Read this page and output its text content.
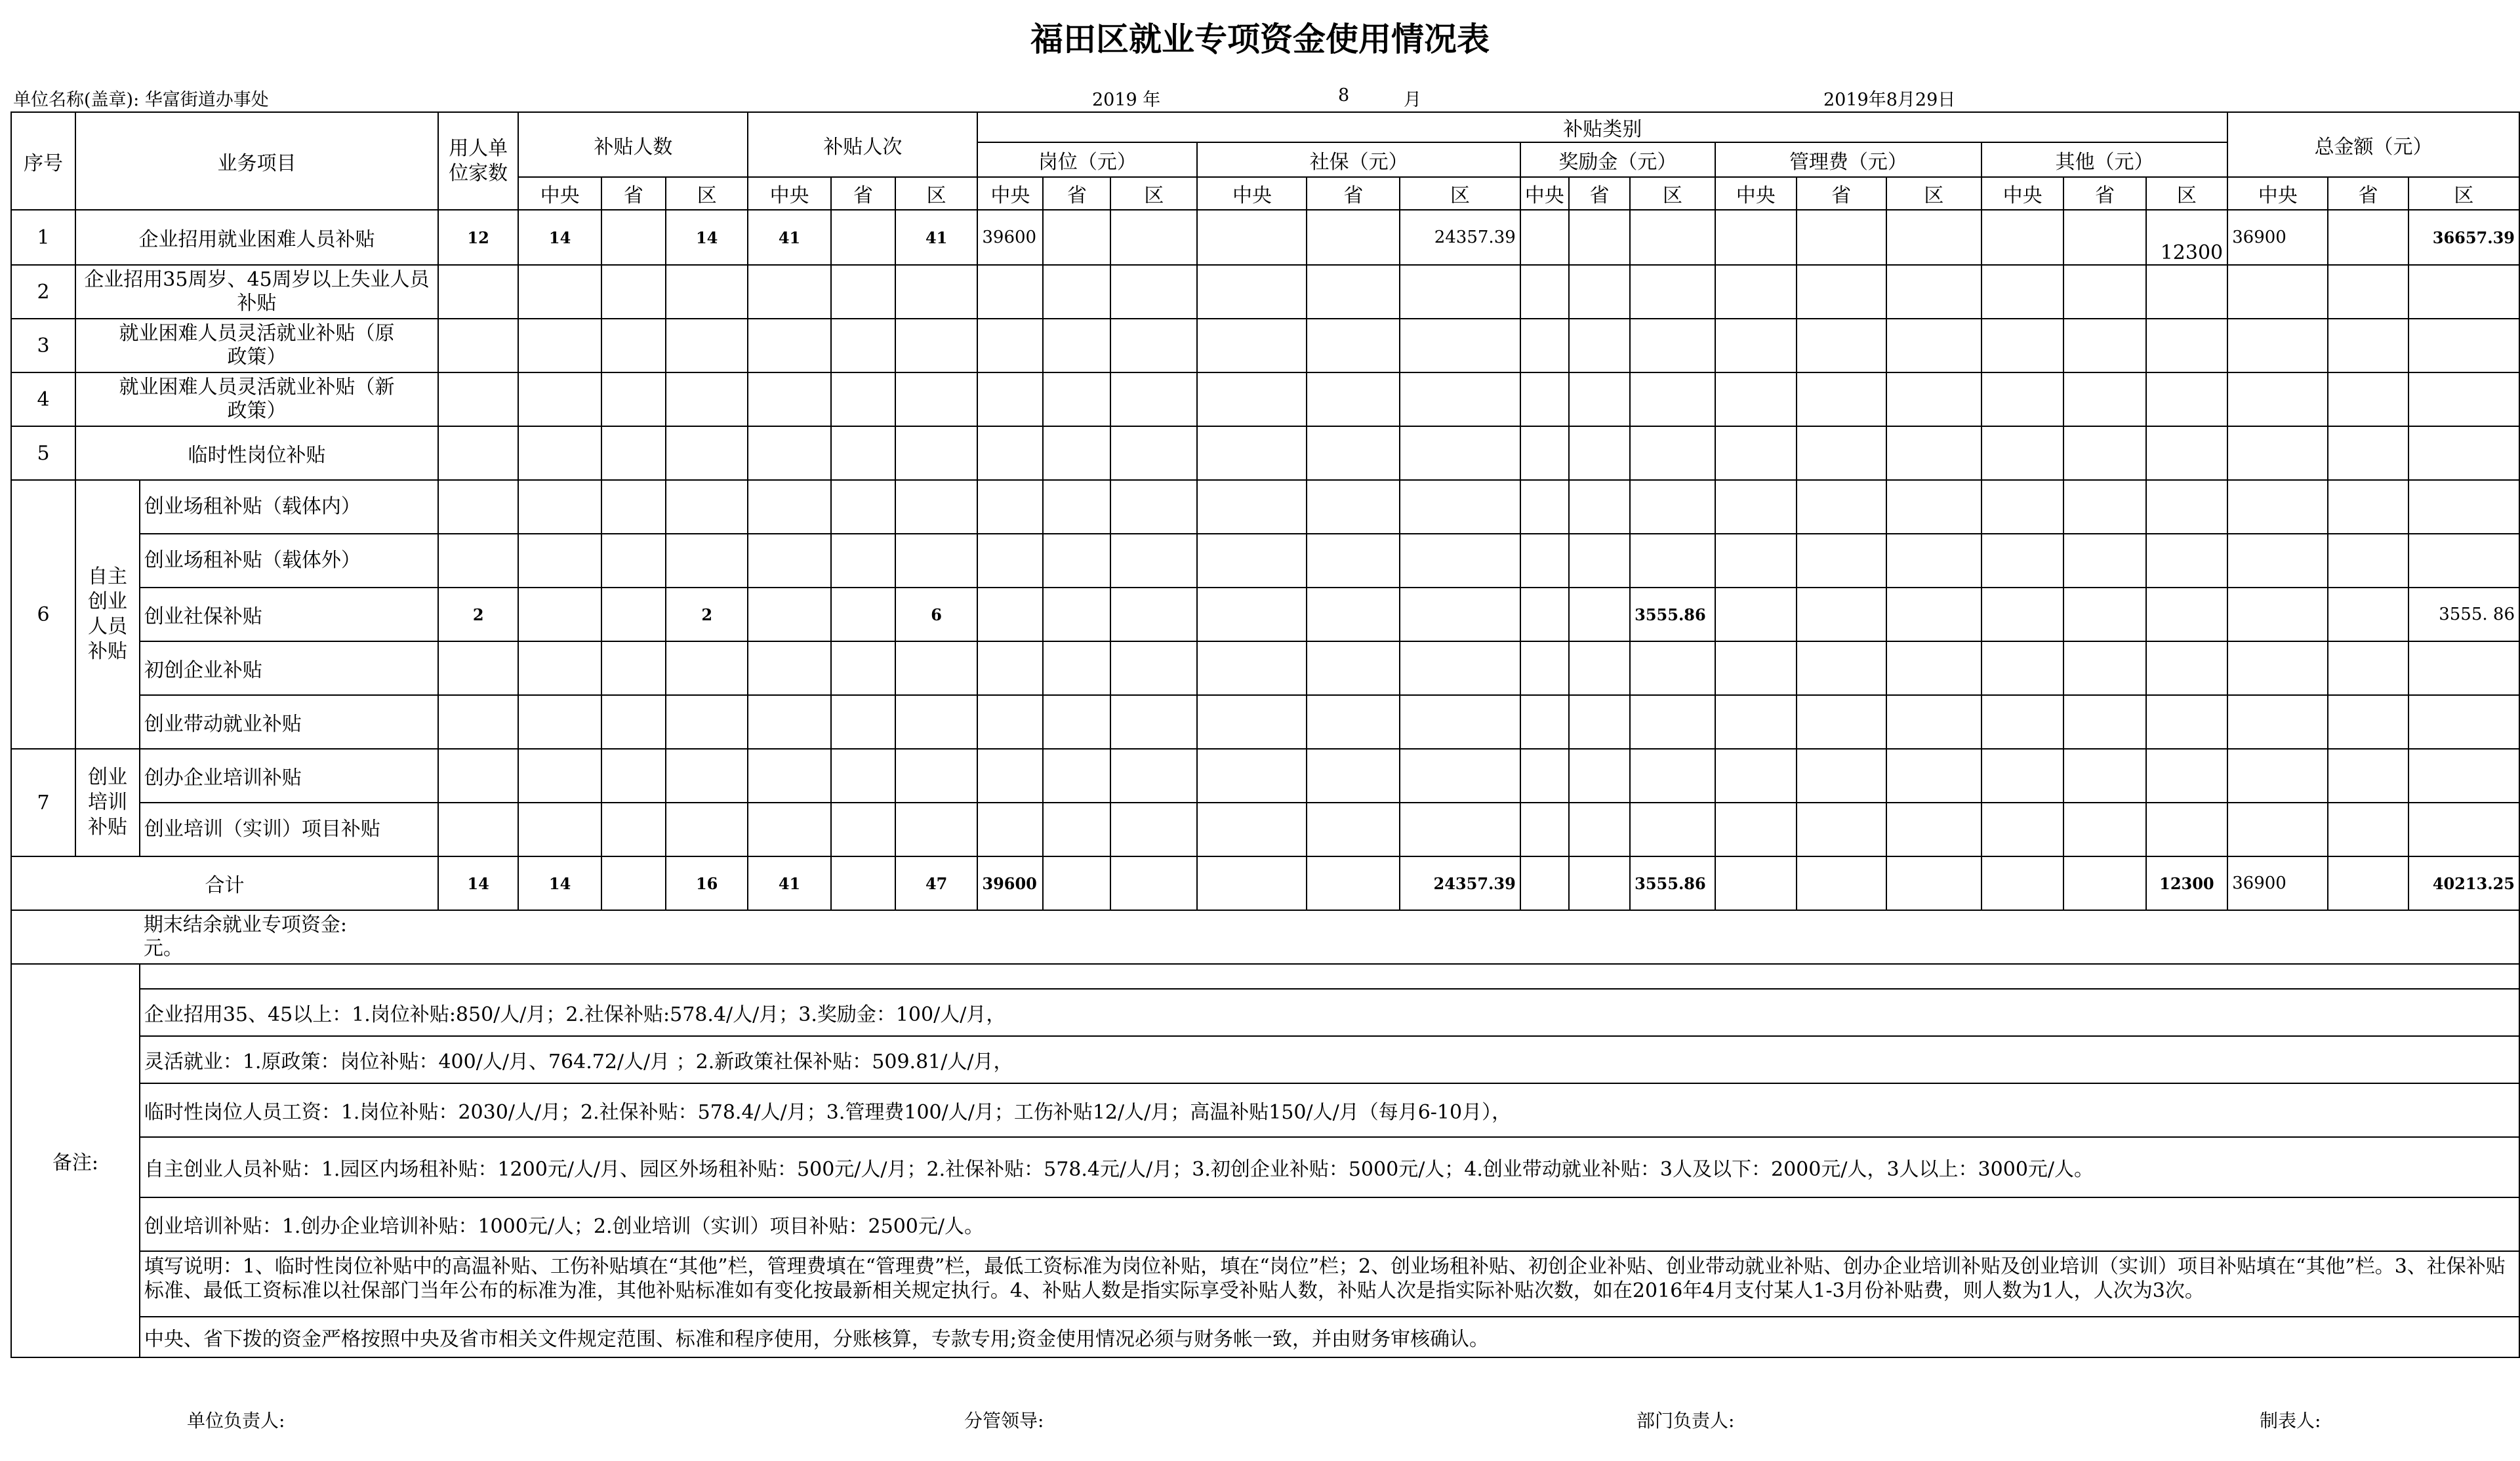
福田区就业专项资金使用情况表
单位名称(盖章): 华富街道办事处	2019 年	8	月	2019年8月29日
序号	业务项目		用人单位家数	补贴人数			补贴人次			补贴类别															总金额（元）		
										岗位（元）			社保（元）			奖励金（元）			管理费（元）			其他（元）					
				中央	省	区	中央	省	区	中央	省	区	中央	省	区	中央	省	区	中央	省	区	中央	省	区	中央	省	区
1	企业招用就业困难人员补贴		12	14		14	41		41	39600					24357.39									12300	36900		36657.39
2	企业招用35周岁、45周岁以上失业人员补贴																										
3	就业困难人员灵活就业补贴（原政策）																										
4	就业困难人员灵活就业补贴（新政策）																										
5	临时性岗位补贴																										
6	自主创业人员补贴	创业场租补贴（载体内）																									
		创业场租补贴（载体外）																									
		创业社保补贴	2			2			6									3555.86									3555. 86
		初创企业补贴																									
		创业带动就业补贴																									
7	创业培训补贴	创办企业培训补贴																									
		创业培训（实训）项目补贴																									
合计			14	14		16	41		47	39600					24357.39			3555.86						12300	36900		40213.25

		期末结余就业专项资金: 元。																									

备注:																											
		企业招用35、45以上：1.岗位补贴:850/人/月；2.社保补贴:578.4/人/月；3.奖励金：100/人/月，																									
		灵活就业：1.原政策：岗位补贴：400/人/月、764.72/人/月 ；2.新政策社保补贴：509.81/人/月，																									
		临时性岗位人员工资：1.岗位补贴：2030/人/月；2.社保补贴：578.4/人/月；3.管理费100/人/月；工伤补贴12/人/月；高温补贴150/人/月（每月6-10月），																									
		自主创业人员补贴：1.园区内场租补贴：1200元/人/月、园区外场租补贴：500元/人/月；2.社保补贴：578.4元/人/月；3.初创企业补贴：5000元/人；4.创业带动就业补贴：3人及以下：2000元/人，3人以上：3000元/人。																									
		创业培训补贴：1.创办企业培训补贴：1000元/人；2.创业培训（实训）项目补贴：2500元/人。																									

		填写说明：1、临时性岗位补贴中的高温补贴、工伤补贴填在“其他”栏，管理费填在“管理费”栏，最低工资标准为岗位补贴，填在“岗位”栏；2、创业场租补贴、初创企业补贴、创业带动就业补贴、创办企业培训补贴及创业培训（实训）项目补贴填在“其他”栏。3、社保补贴标准、最低工资标准以社保部门当年公布的标准为准，其他补贴标准如有变化按最新相关规定执行。4、补贴人数是指实际享受补贴人数，补贴人次是指实际补贴次数，如在2016年4月支付某人1-3月份补贴费，则人数为1人，人次为3次。																									

		中央、省下拨的资金严格按照中央及省市相关文件规定范围、标准和程序使用，分账核算，专款专用;资金使用情况必须与财务帐一致，并由财务审核确认。																									
单位负责人:	分管领导:	部门负责人:	制表人:
